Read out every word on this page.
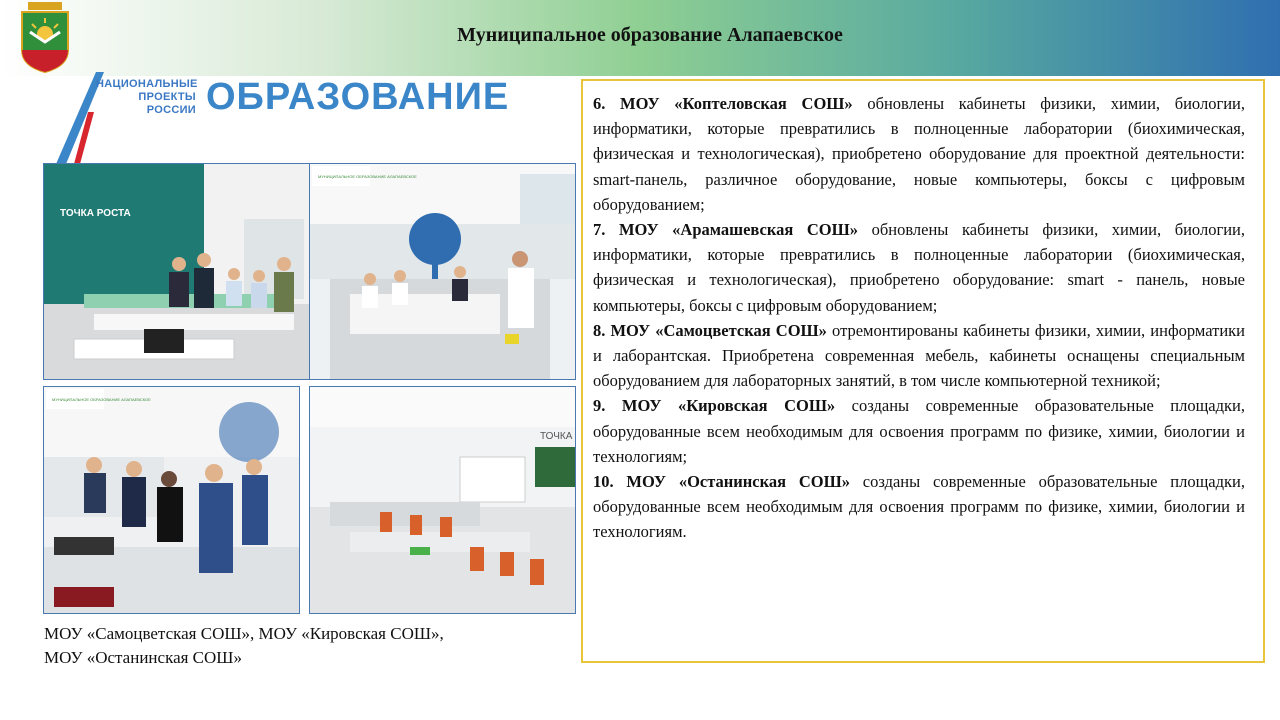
Муниципальное образование Алапаевское
НАЦИОНАЛЬНЫЕ
ПРОЕКТЫ
РОССИИ ОБРАЗОВАНИЕ
ТОЧКА РОСТА
МУНИЦИПАЛЬНОЕ ОБРАЗОВАНИЕ АЛАПАЕВСКОЕ
МУНИЦИПАЛЬНОЕ ОБРАЗОВАНИЕ АЛАПАЕВСКОЕ
ТОЧКА
МОУ «Самоцветская СОШ», МОУ «Кировская СОШ»,
МОУ «Останинская СОШ»

6. МОУ «Коптеловская СОШ» обновлены кабинеты физики, химии, биологии, информатики, которые превратились в полноценные лаборатории (биохимическая, физическая и технологическая), приобретено оборудование для проектной деятельности: smart-панель, различное оборудование, новые компьютеры, боксы с цифровым оборудованием;

7. МОУ «Арамашевская СОШ» обновлены кабинеты физики, химии, биологии, информатики, которые превратились в полноценные лаборатории (биохимическая, физическая и технологическая), приобретено оборудование: smart - панель, новые компьютеры, боксы с цифровым оборудованием;

8. МОУ «Самоцветская СОШ» отремонтированы кабинеты физики, химии, информатики и лаборантская. Приобретена современная мебель, кабинеты оснащены специальным оборудованием для лабораторных занятий, в том числе компьютерной техникой;

9. МОУ «Кировская СОШ» созданы современные образовательные площадки, оборудованные всем необходимым для освоения программ по физике, химии, биологии и технологиям;

10. МОУ «Останинская СОШ» созданы современные образовательные площадки, оборудованные всем необходимым для освоения программ по физике, химии, биологии и технологиям.
